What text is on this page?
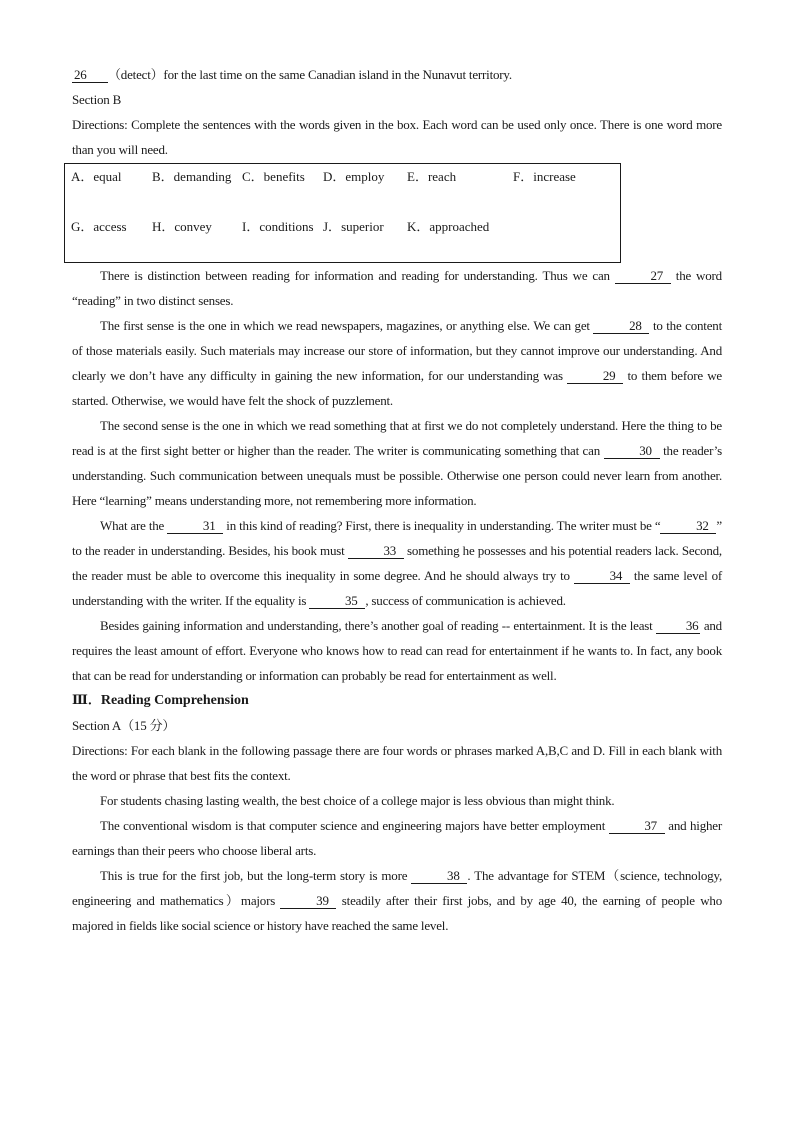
26 （detect）for the last time on the same Canadian island in the Nunavut territory.
Section B
Directions: Complete the sentences with the words given in the box. Each word can be used only once. There is one word more than you will need.
A．equal B．demanding C．benefits D．employ E．reach	F．increase
G．access H．convey I．conditions J．superior K．approached
There is distinction between reading for information and reading for understanding. Thus we can	27 the word “reading” in two distinct senses.
The first sense is the one in which we read newspapers, magazines, or anything else. We can get	28 to the content of those materials easily. Such materials may increase our store of information, but they cannot improve our understanding. And clearly we don’t have any difficulty in gaining the new information, for our understanding was	29 to them before we started. Otherwise, we would have felt the shock of puzzlement.
The second sense is the one in which we read something that at first we do not completely understand. Here the thing to be read is at the first sight better or higher than the reader. The writer is communicating something that can	30 the reader’s understanding. Such communication between unequals must be possible. Otherwise one person could never learn from another. Here “learning” means understanding more, not remembering more information.
What are the	31 in this kind of reading? First, there is inequality in understanding. The writer must be “	32 ” to the reader in understanding. Besides, his book must	33 something he possesses and his potential readers lack. Second, the reader must be able to overcome this inequality in some degree. And he should always try to	34 the same level of understanding with the writer. If the equality is	35 , success of communication is achieved.
Besides gaining information and understanding, there’s another goal of reading -- entertainment. It is the least 36 and requires the least amount of effort. Everyone who knows how to read can read for entertainment if he wants to. In fact, any book that can be read for understanding or information can probably be read for entertainment as well.
Ⅲ．Reading Comprehension
Section A（15 分）
Directions: For each blank in the following passage there are four words or phrases marked A,B,C and D. Fill in each blank with the word or phrase that best fits the context.
For students chasing lasting wealth, the best choice of a college major is less obvious than might think.
The conventional wisdom is that computer science and engineering majors have better employment	37 and higher earnings than their peers who choose liberal arts.
This is true for the first job, but the long-term story is more	38 . The advantage for STEM（science, technology, engineering and mathematics）majors	39 steadily after their first jobs, and by age 40, the earning of people who majored in fields like social science or history have reached the same level.
